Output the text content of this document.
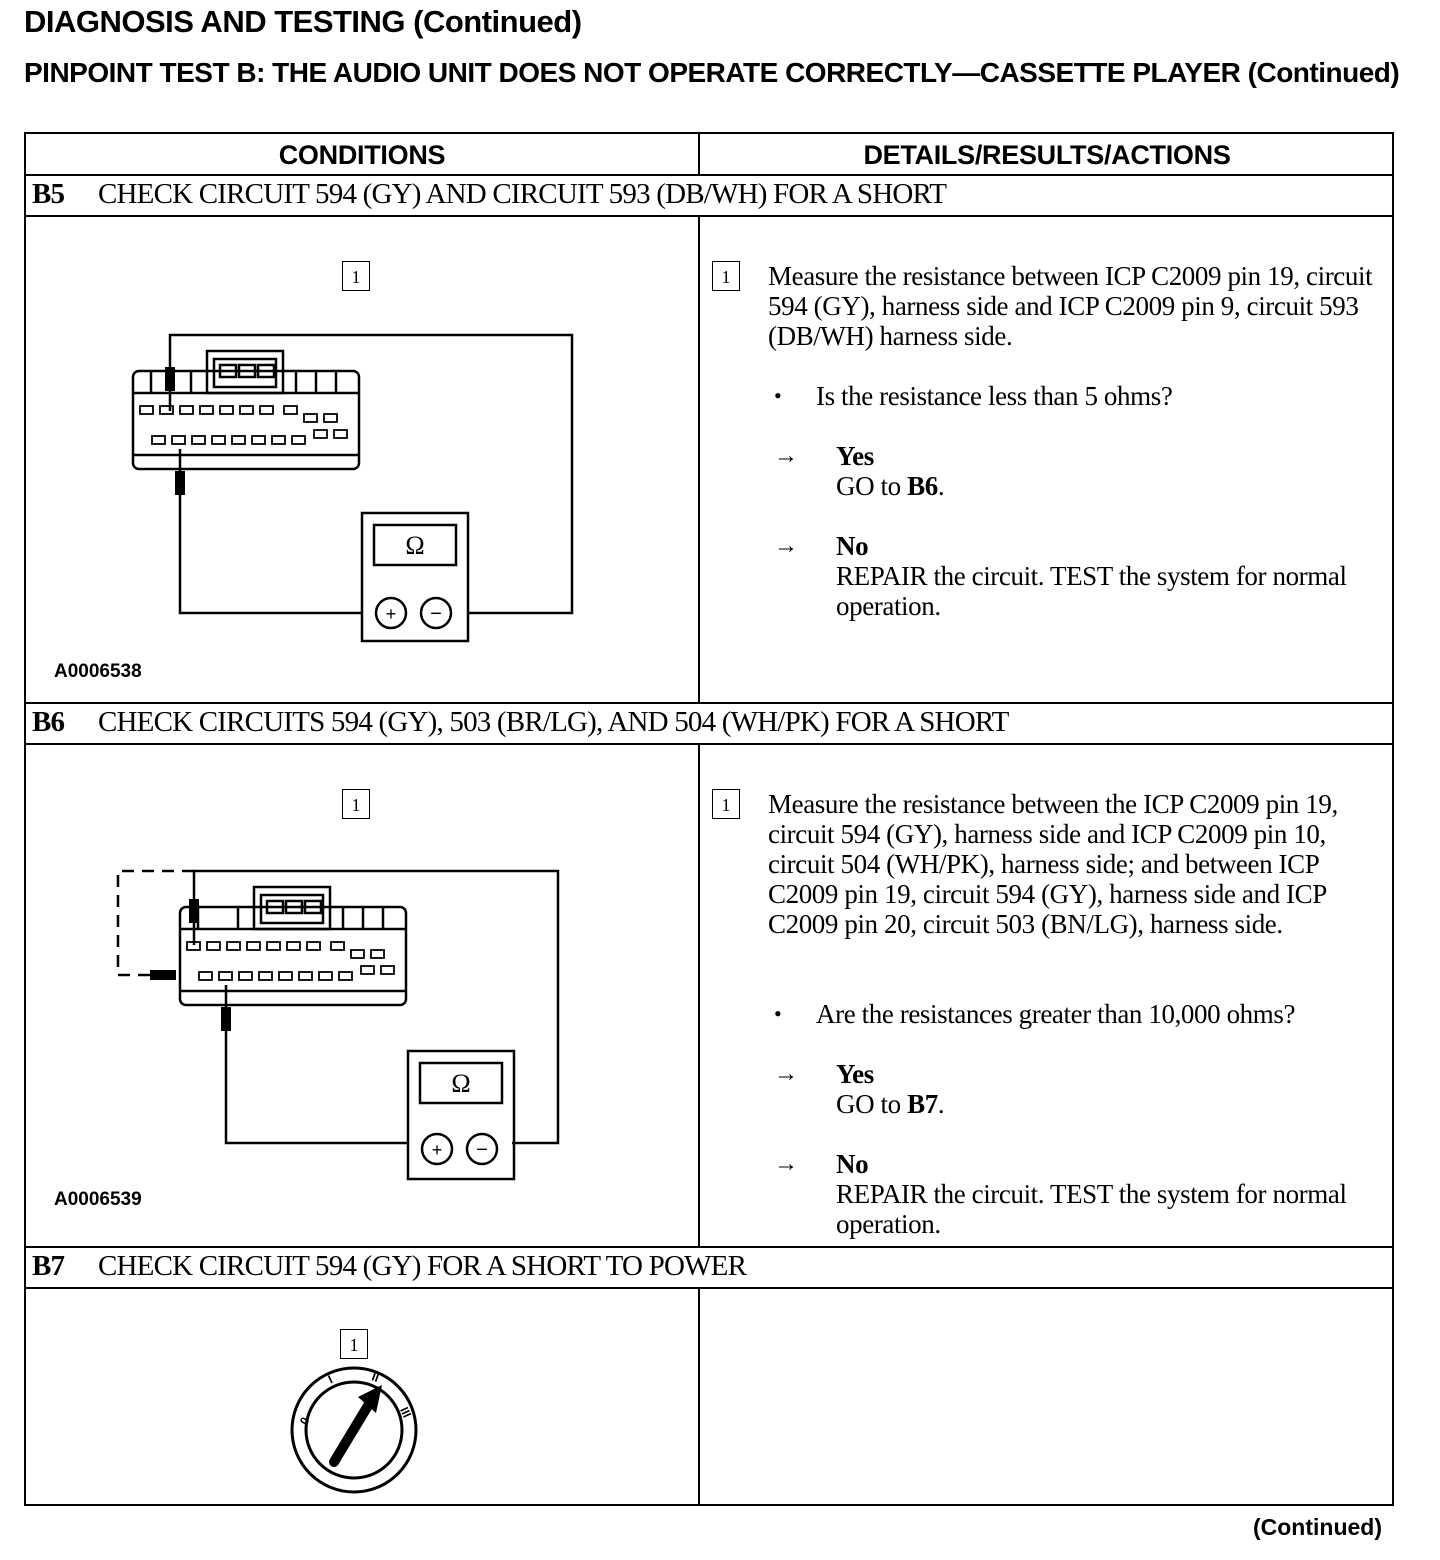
DIAGNOSIS AND TESTING (Continued)
PINPOINT TEST B: THE AUDIO UNIT DOES NOT OPERATE CORRECTLY—CASSETTE PLAYER (Continued)
CONDITIONS	DETAILS/RESULTS/ACTIONS
B5 CHECK CIRCUIT 594 (GY) AND CIRCUIT 593 (DB/WH) FOR A SHORT
1
Ω
+ −
A0006538
1	Measure the resistance between ICP C2009 pin 19, circuit 594 (GY), harness side and ICP C2009 pin 9, circuit 593 (DB/WH) harness side.
• Is the resistance less than 5 ohms?
→ Yes
GO to B6.
→ No
REPAIR the circuit. TEST the system for normal operation.
B6 CHECK CIRCUITS 594 (GY), 503 (BR/LG), AND 504 (WH/PK) FOR A SHORT
1
Ω
+ −
A0006539
1	Measure the resistance between the ICP C2009 pin 19, circuit 594 (GY), harness side and ICP C2009 pin 10, circuit 504 (WH/PK), harness side; and between ICP C2009 pin 19, circuit 594 (GY), harness side and ICP C2009 pin 20, circuit 503 (BN/LG), harness side.
• Are the resistances greater than 10,000 ohms?
→ Yes
GO to B7.
→ No
REPAIR the circuit. TEST the system for normal operation.
B7 CHECK CIRCUIT 594 (GY) FOR A SHORT TO POWER
1
0
I	II
III
(Continued)
